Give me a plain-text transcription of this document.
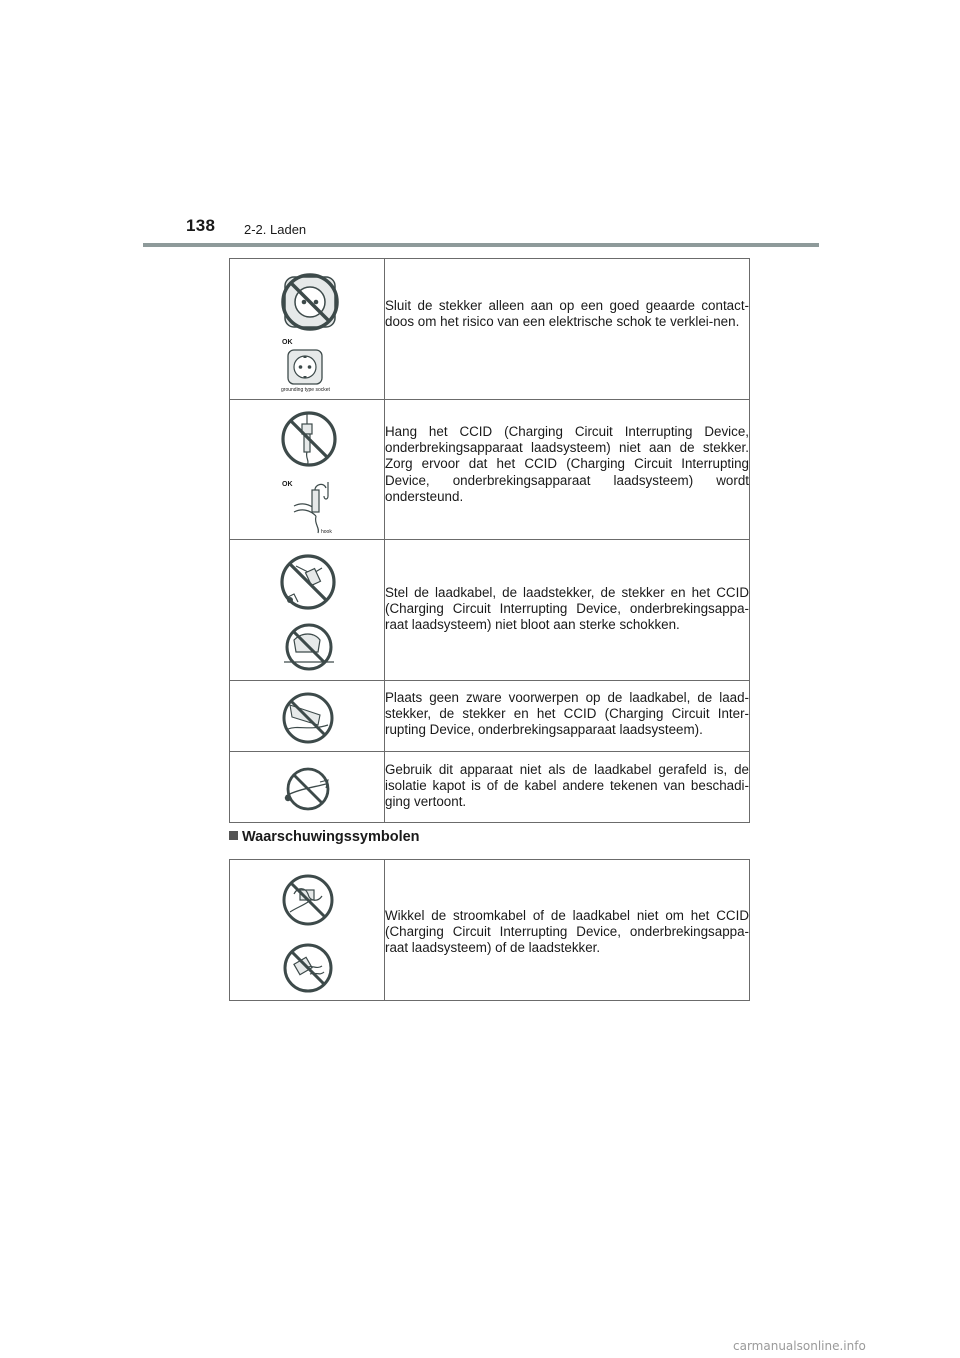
138 2-2. Laden
OK
grounding type socket	Sluit de stekker alleen aan op een goed geaarde contact-doos om het risico van een elektrische schok te verklei-nen.

OK
hook	Hang het CCID (Charging Circuit Interrupting Device, onderbrekingsapparaat laadsysteem) niet aan de stekker. Zorg ervoor dat het CCID (Charging Circuit Interrupting Device, onderbrekingsapparaat laadsysteem) wordt ondersteund.

Stel de laadkabel, de laadstekker, de stekker en het CCID (Charging Circuit Interrupting Device, onderbrekingsappa-raat laadsysteem) niet bloot aan sterke schokken.

Plaats geen zware voorwerpen op de laadkabel, de laad-stekker, de stekker en het CCID (Charging Circuit Inter-rupting Device, onderbrekingsapparaat laadsysteem).

Gebruik dit apparaat niet als de laadkabel gerafeld is, de isolatie kapot is of de kabel andere tekenen van beschadi-ging vertoont.
Waarschuwingssymbolen

Wikkel de stroomkabel of de laadkabel niet om het CCID (Charging Circuit Interrupting Device, onderbrekingsappa-raat laadsysteem) of de laadstekker.
carmanualsonline.info
